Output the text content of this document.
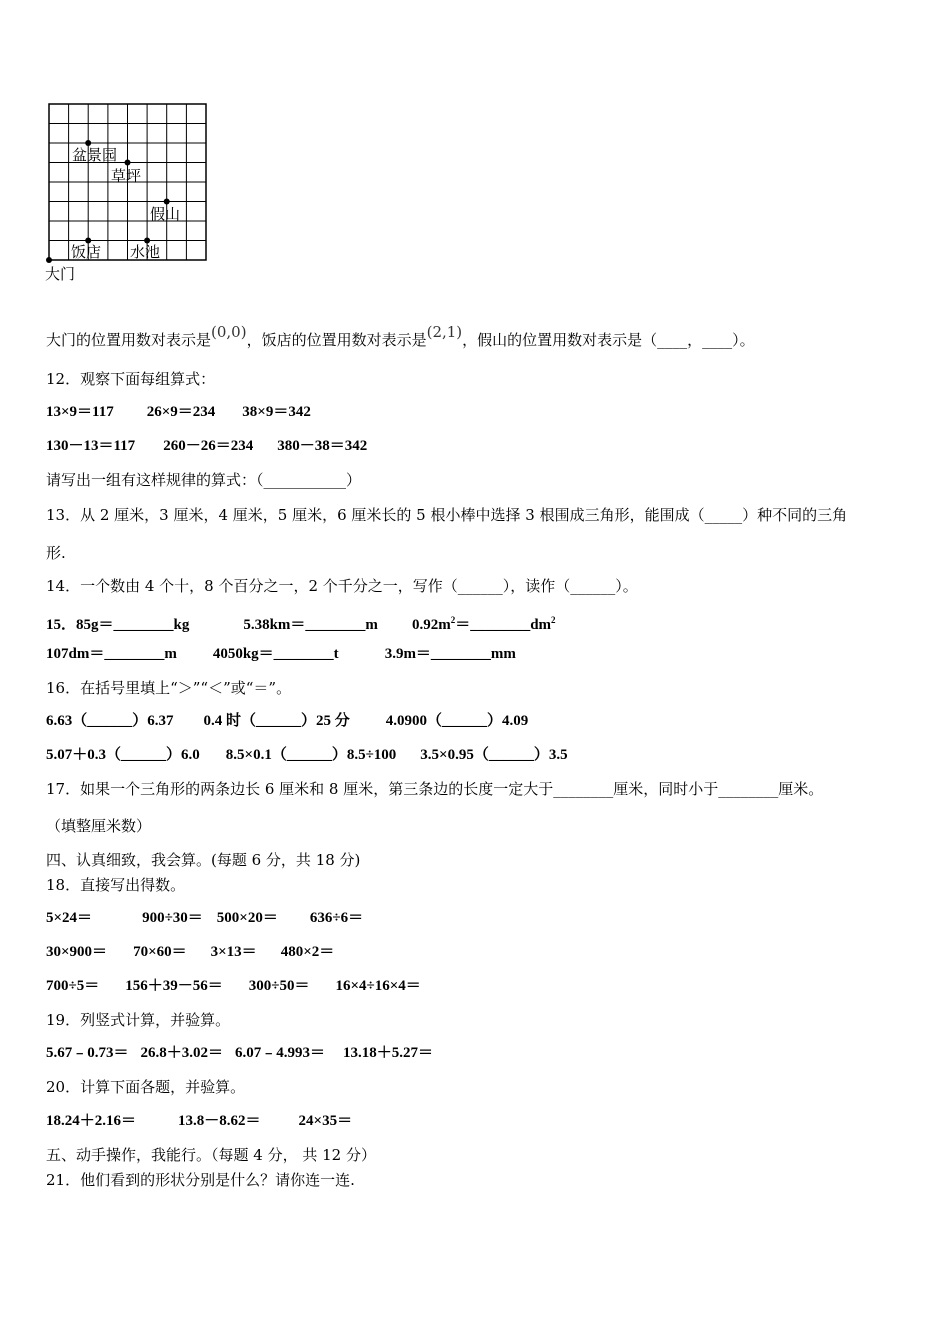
盆景园
草坪
假山
饭店 水池
大门
大门的位置用数对表示是(0,0)，饭店的位置用数对表示是(2,1)，假山的位置用数对表示是（____，____）。
12．观察下面每组算式：
13×9＝117 26×9＝234 38×9＝342
130－13＝117 260－26＝234 380－38＝342
请写出一组有这样规律的算式：（___________）
13．从 2 厘米，3 厘米，4 厘米，5 厘米，6 厘米长的 5 根小棒中选择 3 根围成三角形，能围成（_____）种不同的三角
形.
14．一个数由 4 个十，8 个百分之一，2 个千分之一，写作（______），读作（______）。
15．85g＝________kg	5.38km＝________m $0.92m^2=\_\_\_\_\_\_\_\_dm^2$
107dm＝________m 4050kg＝________t	3.9m＝________mm
16．在括号里填上“＞”“＜”或“＝”。
6.63（______）6.37 0.4 时（______）25 分 4.0900（______）4.09
5.07＋0.3（______）6.0 8.5×0.1（______）8.5÷100 3.5×0.95（______）3.5
17．如果一个三角形的两条边长 6 厘米和 8 厘米，第三条边的长度一定大于________厘米，同时小于________厘米。
（填整厘米数）
四、认真细致，我会算。(每题 6 分，共 18 分)
18．直接写出得数。
5×24＝	900÷30＝ 500×20＝ 636÷6＝
30×900＝ 70×60＝ 3×13＝ 480×2＝
700÷5＝ 156＋39－56＝ 300÷50＝ 16×4÷16×4＝
19．列竖式计算，并验算。
5.67﹣0.73＝ 26.8＋3.02＝ 6.07﹣4.993＝ 13.18＋5.27＝
20．计算下面各题，并验算。
18.24＋2.16＝	13.8－8.62＝	24×35＝
五、动手操作，我能行。（每题 4 分， 共 12 分）
21．他们看到的形状分别是什么？请你连一连.
